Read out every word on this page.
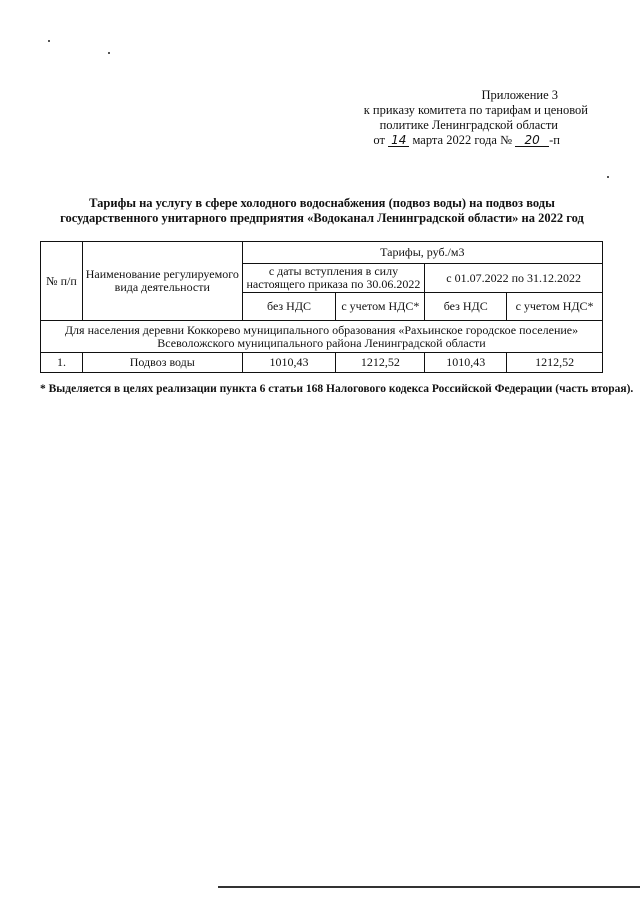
Приложение 3
к приказу комитета по тарифам и ценовой
политике Ленинградской области
от 14 марта 2022 года № 20 -п
Тарифы на услугу в сфере холодного водоснабжения (подвоз воды) на подвоз воды
государственного унитарного предприятия «Водоканал Ленинградской области» на 2022 год
№ п/п	Наименование регулируемого вида деятельности	Тарифы, руб./м3			
		с даты вступления в силу настоящего приказа по 30.06.2022		с 01.07.2022 по 31.12.2022	
		без НДС	с учетом НДС*	без НДС	с учетом НДС*
Для населения деревни Коккорево муниципального образования «Рахьинское городское поселение» Всеволожского муниципального района Ленинградской области					
1.	Подвоз воды	1010,43	1212,52	1010,43	1212,52
* Выделяется в целях реализации пункта 6 статьи 168 Налогового кодекса Российской Федерации (часть вторая).
